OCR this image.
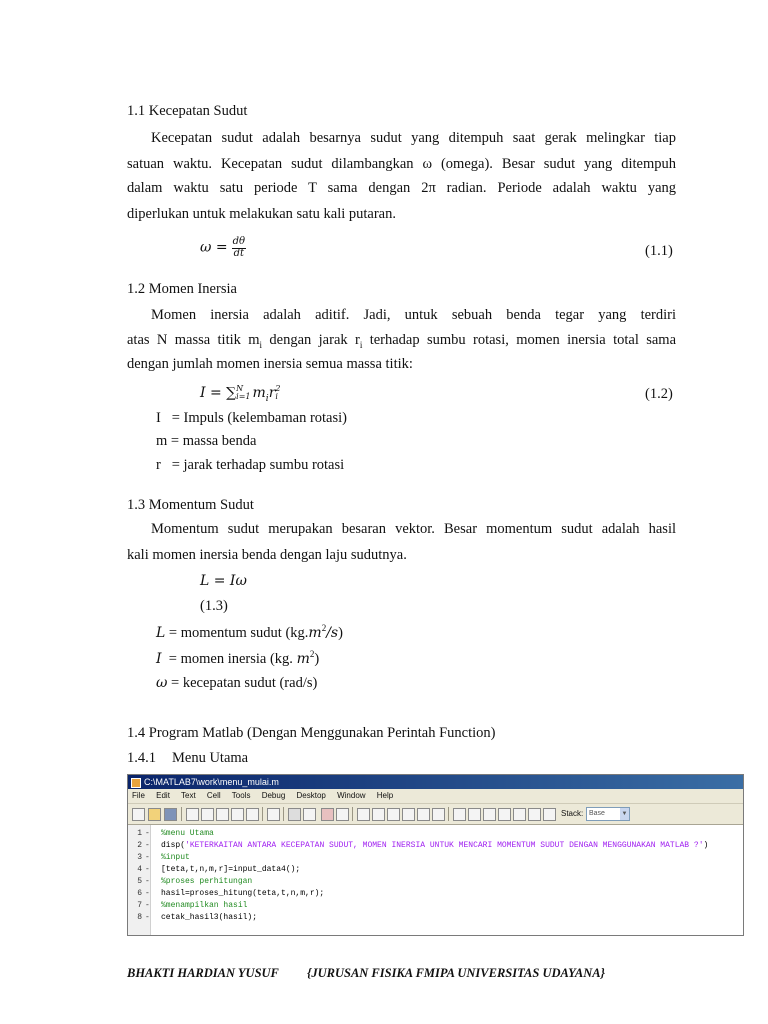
1.1 Kecepatan Sudut
Kecepatan sudut adalah besarnya sudut yang ditempuh saat gerak melingkar tiap
satuan waktu. Kecepatan sudut dilambangkan ω (omega). Besar sudut yang ditempuh
dalam waktu satu periode T sama dengan 2π radian. Periode adalah waktu yang
diperlukan untuk melakukan satu kali putaran.
$\omega = \frac{d\theta}{dt}$	(1.1)
1.2 Momen Inersia
Momen inersia adalah aditif. Jadi, untuk sebuah benda tegar yang terdiri
atas N massa titik $m_i$ dengan jarak $r_i$ terhadap sumbu rotasi, momen inersia total sama
dengan jumlah momen inersia semua massa titik:
I = ∑ N
i=1 $m_ir$ 2
i	(1.2)
I   = Impuls (kelembaman rotasi)
m = massa benda
r   = jarak terhadap sumbu rotasi
1.3 Momentum Sudut
Momentum sudut merupakan besaran vektor. Besar momentum sudut adalah hasil
kali momen inersia benda dengan laju sudutnya.
L = Iω
(1.3)
L = momentum sudut $(kg.m^2/s)$
I  = momen inersia (kg. $m^2$)
ω = kecepatan sudut (rad/s)
1.4 Program Matlab (Dengan Menggunakan Perintah Function)
1.4.1 Menu Utama
C:\MATLAB7\work\menu_mulai.m
File Edit Text Cell Tools Debug Desktop Window Help
Stack: Base	▼
1 - %menu Utama
2 - disp('KETERKAITAN ANTARA KECEPATAN SUDUT, MOMEN INERSIA UNTUK MENCARI MOMENTUM SUDUT DENGAN MENGGUNAKAN MATLAB ?')
3 - %input
4 - [teta,t,n,m,r]=input_data4();
5 - %proses perhitungan
6 - hasil=proses_hitung(teta,t,n,m,r);
7 - %menampilkan hasil
8 - cetak_hasil3(hasil);
BHAKTI HARDIAN YUSUF {JURUSAN FISIKA FMIPA UNIVERSITAS UDAYANA}
